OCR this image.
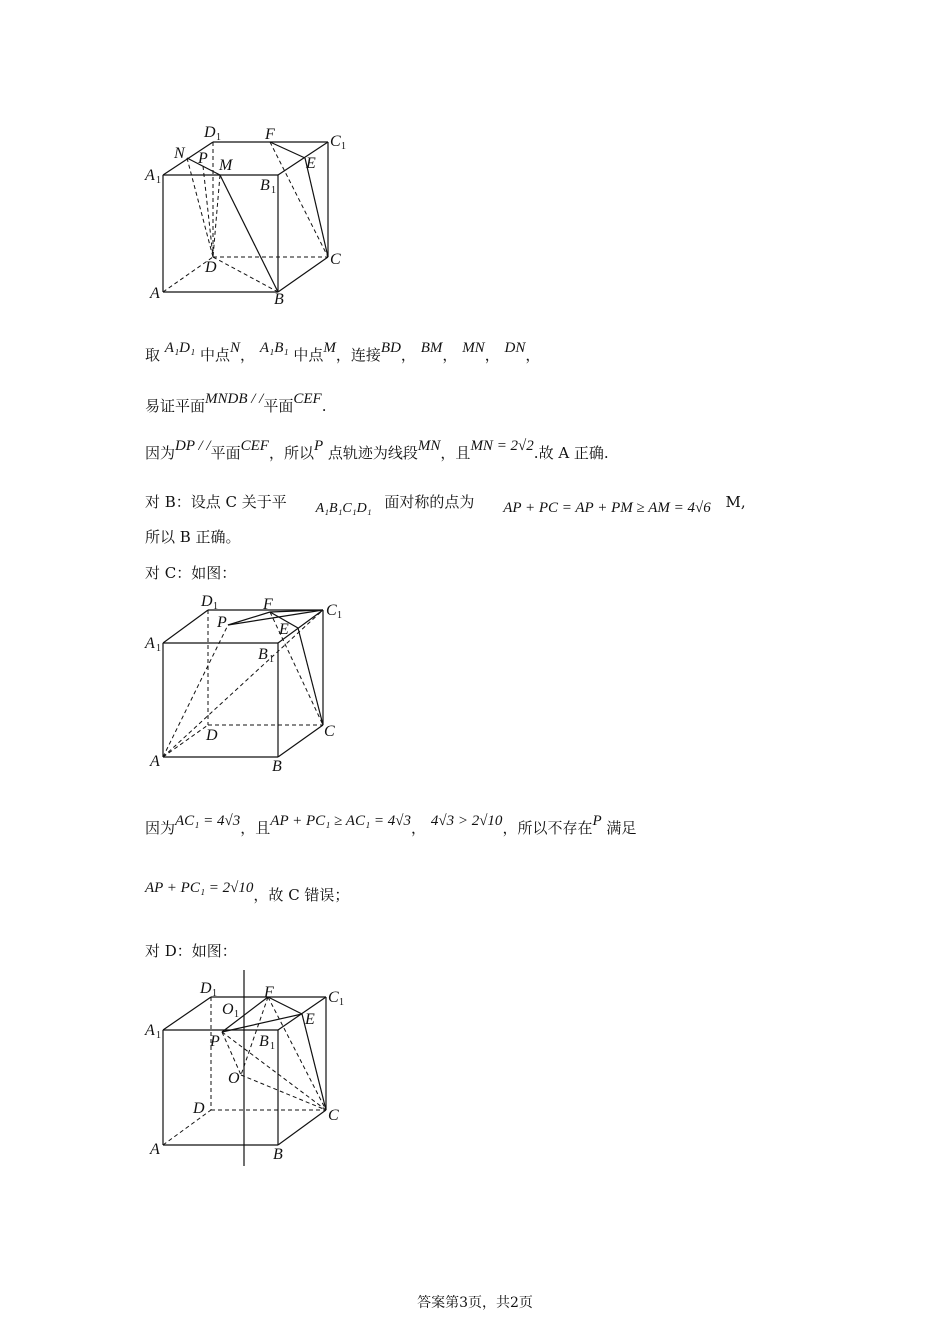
D 1	F	C 1
N P M	E
A 1	B 1
D	C
A	B
取 A₁D₁ 中点N， A₁B₁ 中点M，连接BD， BM， MN， DN，
易证平面MNDB / /平面CEF.
因为DP / /平面CEF，所以P 点轨迹为线段MN，且MN = 2√2.故 A 正确.
对 B：设点 C 关于平 A₁B₁C₁D₁ 面对称的点为 AP + PC = AP + PM ≥ AM = 4√6 M,
所以 B 正确。
对 C：如图：
D 1	F	C 1
P	E
A 1	B 1
D	C
A	B
因为AC₁ = 4√3，且AP + PC₁ ≥ AC₁ = 4√3， 4√3 > 2√10，所以不存在P 满足
AP + PC₁ = 2√10，故 C 错误；
对 D：如图：
D 1	F	C 1
O 1	E
A 1	P B 1
O
D	C
A	B
答案第3页，共2页
